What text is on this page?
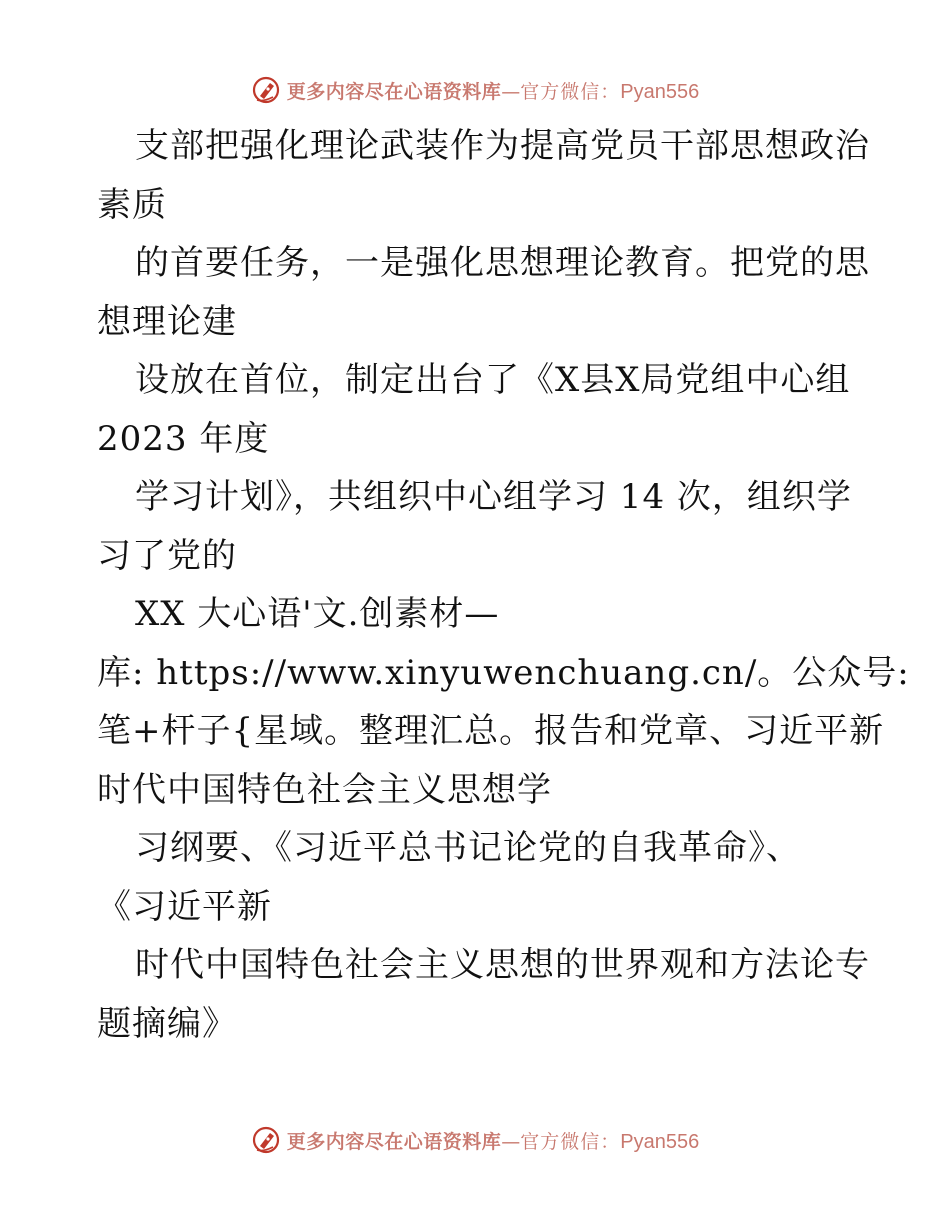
更多内容尽在心语资料库 — 官方微信： Pyan556
支部把强化理论武装作为提高党员干部思想政治
素质
的首要任务，一是强化思想理论教育。把党的思
想理论建
设放在首位，制定出台了《X县X局党组中心组
2023 年度
学习计划》，共组织中心组学习 14 次，组织学
习了党的
XX 大心语'文.创素材—
库: https://www.xinyuwenchuang.cn/。公众号:
笔+杆子{星域。整理汇总。报告和党章、习近平新
时代中国特色社会主义思想学
习纲要、《习近平总书记论党的自我革命》、
《习近平新
时代中国特色社会主义思想的世界观和方法论专
题摘编》
更多内容尽在心语资料库 — 官方微信： Pyan556
